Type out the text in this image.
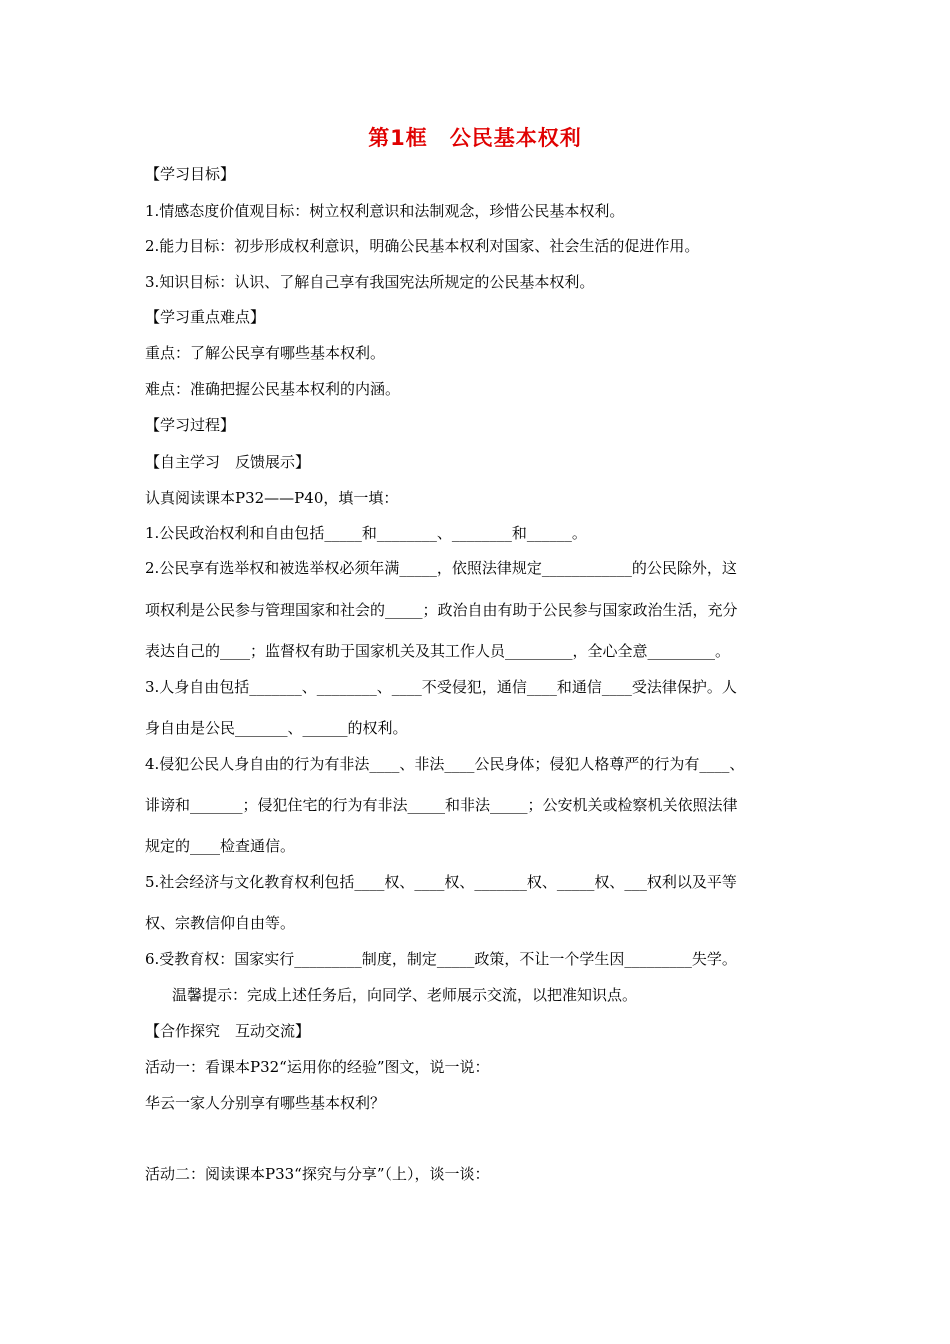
第1框　公民基本权利
【学习目标】
1.情感态度价值观目标：树立权利意识和法制观念，珍惜公民基本权利。
2.能力目标：初步形成权利意识，明确公民基本权利对国家、社会生活的促进作用。
3.知识目标：认识、了解自己享有我国宪法所规定的公民基本权利。
【学习重点难点】
重点：了解公民享有哪些基本权利。
难点：准确把握公民基本权利的内涵。
【学习过程】
【自主学习　反馈展示】
认真阅读课本P32——P40，填一填：
1.公民政治权利和自由包括_____和________、________和______。
2.公民享有选举权和被选举权必须年满_____，依照法律规定____________的公民除外，这
项权利是公民参与管理国家和社会的_____；政治自由有助于公民参与国家政治生活，充分
表达自己的____；监督权有助于国家机关及其工作人员_________，全心全意_________。
3.人身自由包括_______、________、____不受侵犯，通信____和通信____受法律保护。人
身自由是公民_______、______的权利。
4.侵犯公民人身自由的行为有非法____、非法____公民身体；侵犯人格尊严的行为有____、
诽谤和_______；侵犯住宅的行为有非法_____和非法_____；公安机关或检察机关依照法律
规定的____检查通信。
5.社会经济与文化教育权利包括____权、____权、_______权、_____权、___权利以及平等
权、宗教信仰自由等。
6.受教育权：国家实行_________制度，制定_____政策，不让一个学生因_________失学。
温馨提示：完成上述任务后，向同学、老师展示交流，以把准知识点。
【合作探究　互动交流】
活动一：看课本P32“运用你的经验”图文，说一说：
华云一家人分别享有哪些基本权利？
活动二：阅读课本P33“探究与分享”（上），谈一谈：
